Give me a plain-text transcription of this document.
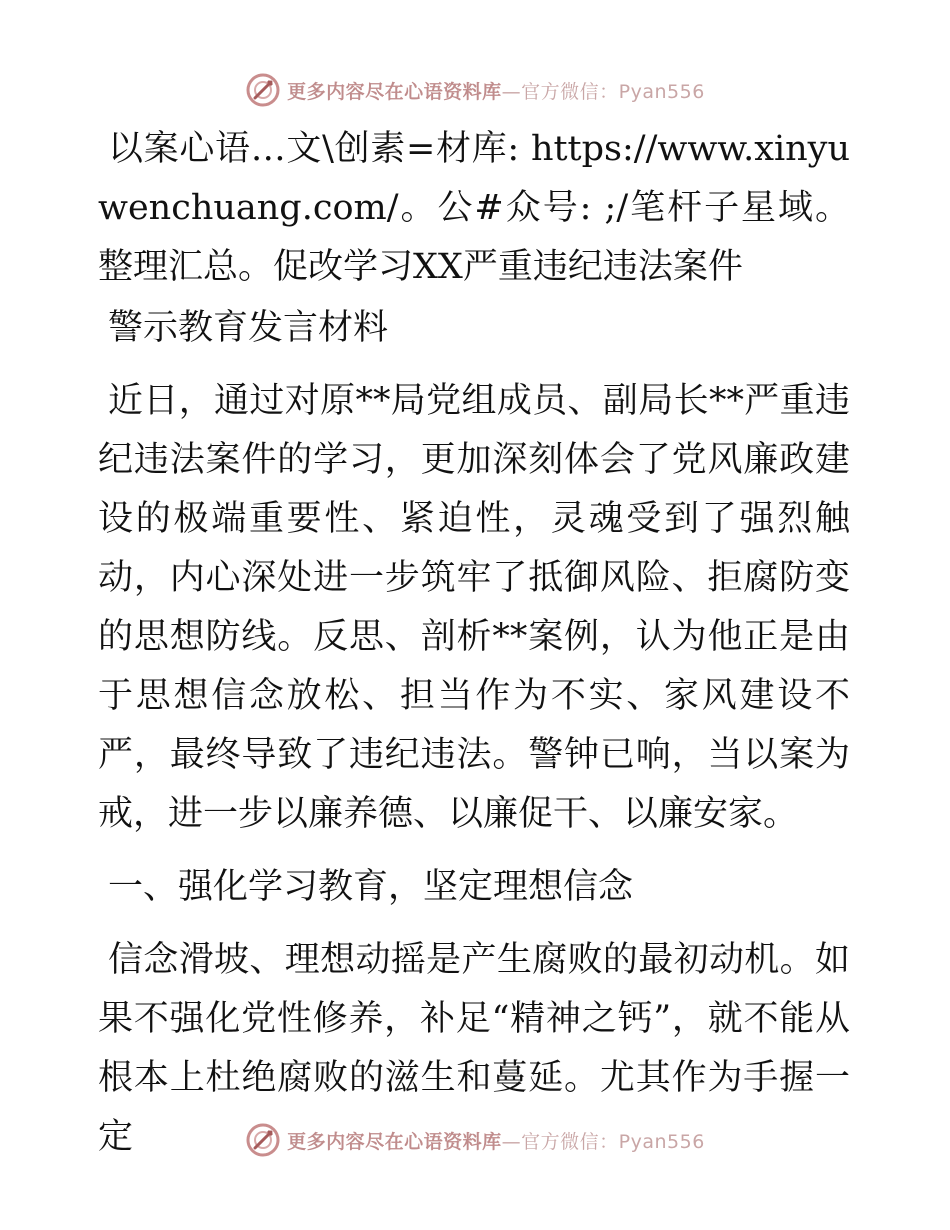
更多内容尽在心语资料库—官方微信：Pyan556

以案心语…文\创素=材库: https://www.xinyuwenchuang.com/。公#众号: ;/笔杆子星域。整理汇总。促改学习XX严重违纪违法案件

警示教育发言材料

近日，通过对原**局党组成员、副局长**严重违纪违法案件的学习，更加深刻体会了党风廉政建设的极端重要性、紧迫性，灵魂受到了强烈触动，内心深处进一步筑牢了抵御风险、拒腐防变的思想防线。反思、剖析**案例，认为他正是由于思想信念放松、担当作为不实、家风建设不严，最终导致了违纪违法。警钟已响，当以案为戒，进一步以廉养德、以廉促干、以廉安家。

一、强化学习教育，坚定理想信念

信念滑坡、理想动摇是产生腐败的最初动机。如果不强化党性修养，补足“精神之钙”，就不能从根本上杜绝腐败的滋生和蔓延。尤其作为手握一定	更多内容尽在心语资料库—官方微信：Pyan556
